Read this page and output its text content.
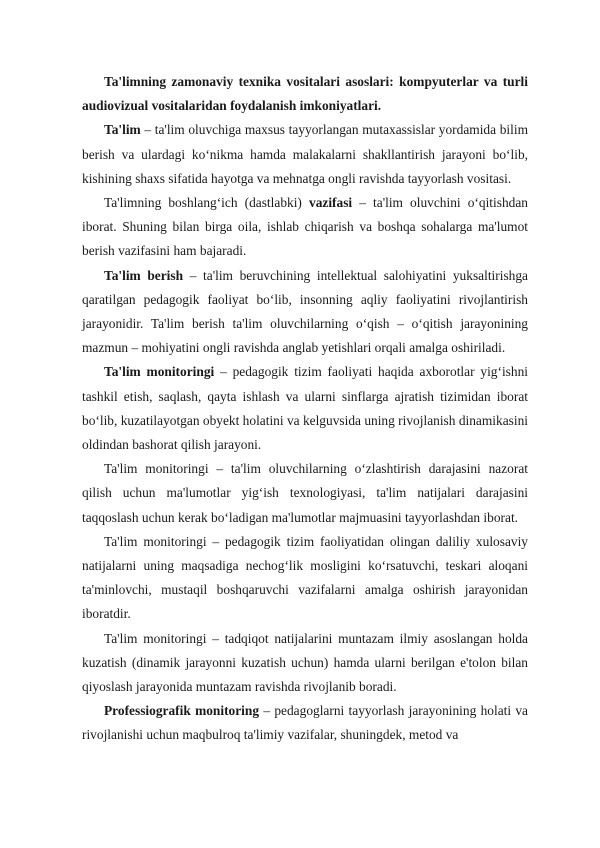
Ta'limning zamonaviy texnika vositalari asoslari: kompyuterlar va turli audiovizual vositalaridan foydalanish imkoniyatlari.

Ta'lim – ta'lim oluvchiga maxsus tayyorlangan mutaxassislar yordamida bilim berish va ulardagi ko‘nikma hamda malakalarni shakllantirish jarayoni bo‘lib, kishining shaxs sifatida hayotga va mehnatga ongli ravishda tayyorlash vositasi.

Ta'limning boshlang‘ich (dastlabki) vazifasi – ta'lim oluvchini o‘qitishdan iborat. Shuning bilan birga oila, ishlab chiqarish va boshqa sohalarga ma'lumot berish vazifasini ham bajaradi.

Ta'lim berish – ta'lim beruvchining intellektual salohiyatini yuksaltirishga qaratilgan pedagogik faoliyat bo‘lib, insonning aqliy faoliyatini rivojlantirish jarayonidir. Ta'lim berish ta'lim oluvchilarning o‘qish – o‘qitish jarayonining mazmun – mohiyatini ongli ravishda anglab yetishlari orqali amalga oshiriladi.

Ta'lim monitoringi – pedagogik tizim faoliyati haqida axborotlar yig‘ishni tashkil etish, saqlash, qayta ishlash va ularni sinflarga ajratish tizimidan iborat bo‘lib, kuzatilayotgan obyekt holatini va kelguvsida uning rivojlanish dinamikasini oldindan bashorat qilish jarayoni.

Ta'lim monitoringi – ta'lim oluvchilarning o‘zlashtirish darajasini nazorat qilish uchun ma'lumotlar yig‘ish texnologiyasi, ta'lim natijalari darajasini taqqoslash uchun kerak bo‘ladigan ma'lumotlar majmuasini tayyorlashdan iborat.

Ta'lim monitoringi – pedagogik tizim faoliyatidan olingan daliliy xulosaviy natijalarni uning maqsadiga nechog‘lik mosligini ko‘rsatuvchi, teskari aloqani ta'minlovchi, mustaqil boshqaruvchi vazifalarni amalga oshirish jarayonidan iboratdir.

Ta'lim monitoringi – tadqiqot natijalarini muntazam ilmiy asoslangan holda kuzatish (dinamik jarayonni kuzatish uchun) hamda ularni berilgan e'tolon bilan qiyoslash jarayonida muntazam ravishda rivojlanib boradi.

Professiografik monitoring – pedagoglarni tayyorlash jarayonining holati va rivojlanishi uchun maqbulroq ta'limiy vazifalar, shuningdek, metod va
